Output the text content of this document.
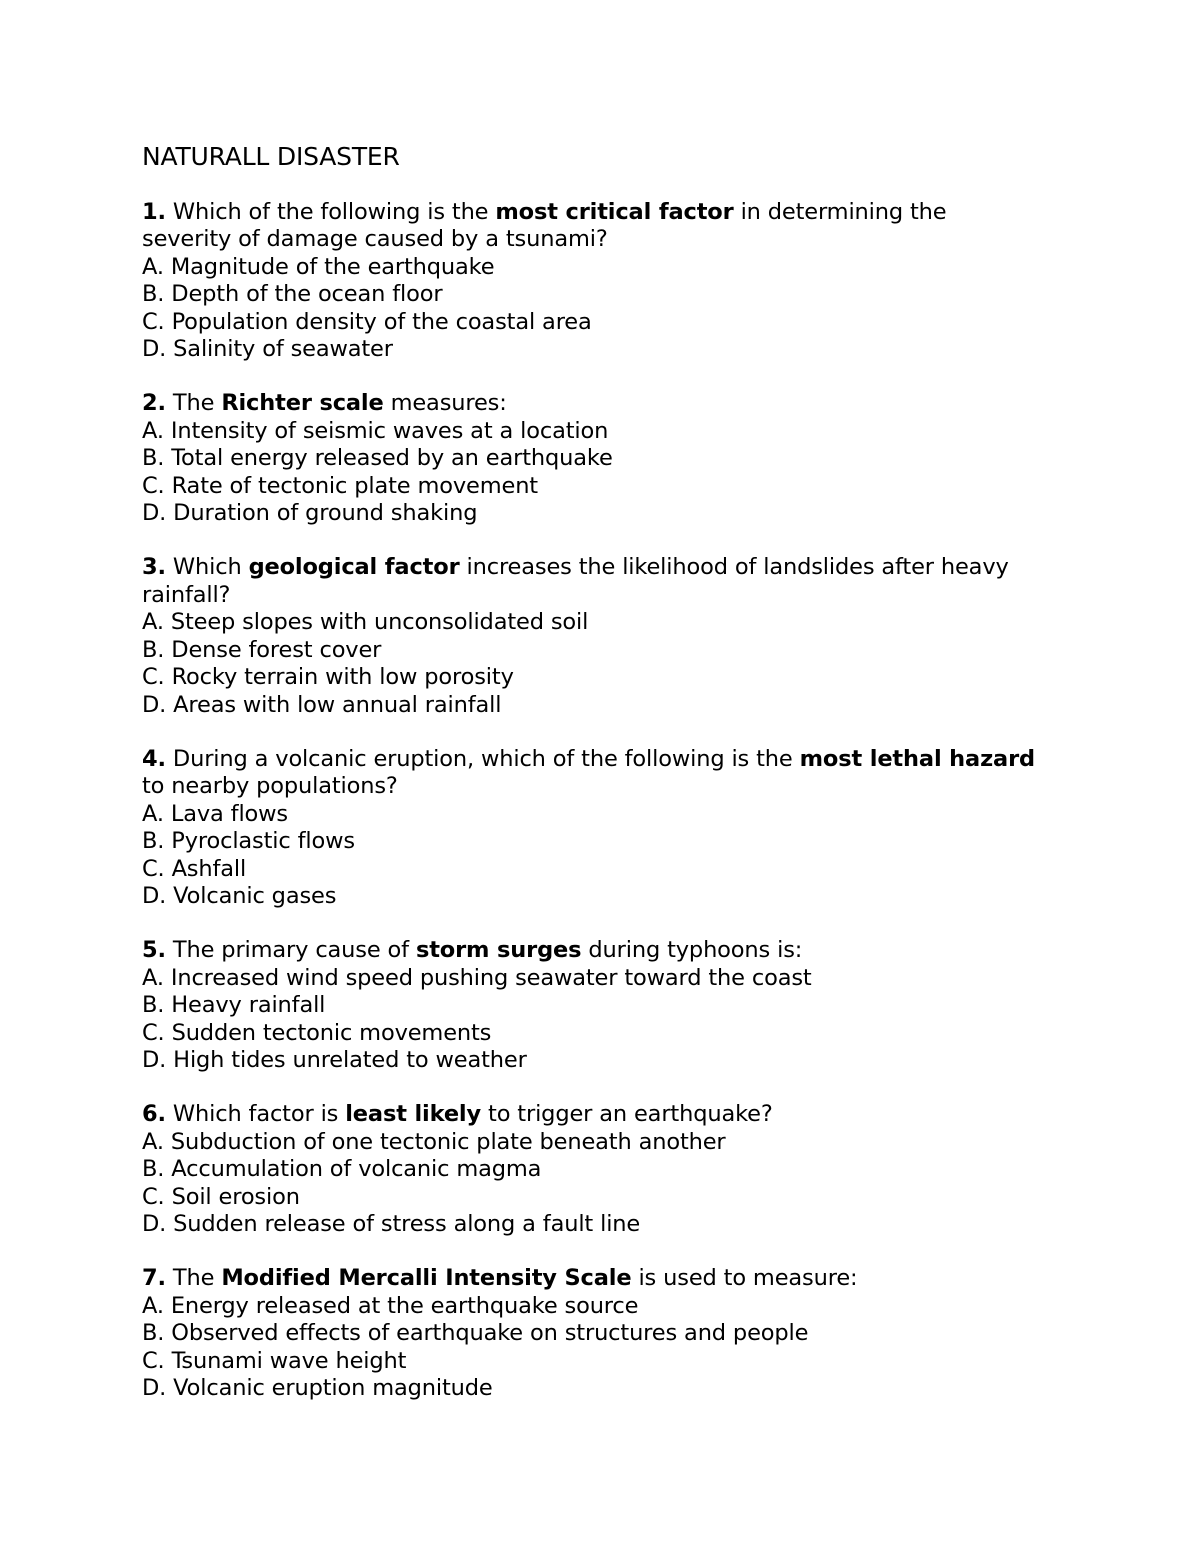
NATURALL DISASTER
1. Which of the following is the most critical factor in determining the severity of damage caused by a tsunami?
A. Magnitude of the earthquake
B. Depth of the ocean floor
C. Population density of the coastal area
D. Salinity of seawater
2. The Richter scale measures:
A. Intensity of seismic waves at a location
B. Total energy released by an earthquake
C. Rate of tectonic plate movement
D. Duration of ground shaking
3. Which geological factor increases the likelihood of landslides after heavy rainfall?
A. Steep slopes with unconsolidated soil
B. Dense forest cover
C. Rocky terrain with low porosity
D. Areas with low annual rainfall
4. During a volcanic eruption, which of the following is the most lethal hazard to nearby populations?
A. Lava flows
B. Pyroclastic flows
C. Ashfall
D. Volcanic gases
5. The primary cause of storm surges during typhoons is:
A. Increased wind speed pushing seawater toward the coast
B. Heavy rainfall
C. Sudden tectonic movements
D. High tides unrelated to weather
6. Which factor is least likely to trigger an earthquake?
A. Subduction of one tectonic plate beneath another
B. Accumulation of volcanic magma
C. Soil erosion
D. Sudden release of stress along a fault line
7. The Modified Mercalli Intensity Scale is used to measure:
A. Energy released at the earthquake source
B. Observed effects of earthquake on structures and people
C. Tsunami wave height
D. Volcanic eruption magnitude
